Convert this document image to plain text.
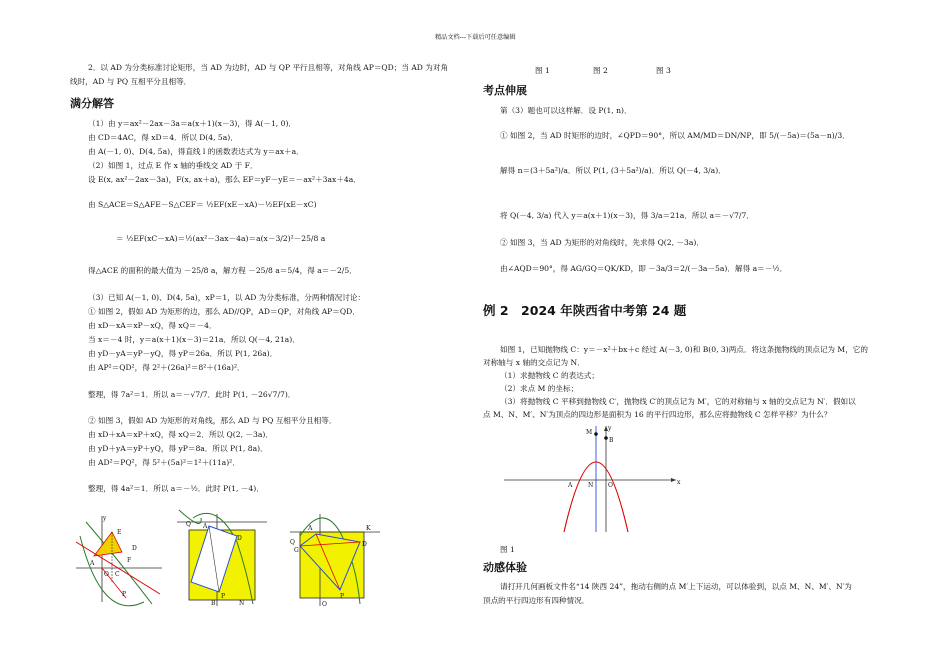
精品文档---下载后可任意编辑
2．以 AD 为分类标准讨论矩形，当 AD 为边时，AD 与 QP 平行且相等，对角线 AP＝QD；当 AD 为对角
线时，AD 与 PQ 互相平分且相等．
满分解答
（1）由 y＝ax²－2ax－3a＝a(x＋1)(x－3)，得 A(－1, 0)．
由 CD＝4AC，得 xD＝4．所以 D(4, 5a)．
由 A(－1, 0)、D(4, 5a)，得直线 l 的函数表达式为 y＝ax＋a．
（2）如图 1，过点 E 作 x 轴的垂线交 AD 于 F．
设 E(x, ax²－2ax－3a)，F(x, ax＋a)，那么 EF＝yF－yE＝－ax²＋3ax＋4a．
由 S△ACE＝S△AFE－S△CEF＝ ½EF(xE－xA)－½EF(xE－xC)
＝ ½EF(xC－xA)＝½(ax²－3ax－4a)＝a(x－3/2)²－25/8 a
得△ACE 的面积的最大值为 －25/8 a，解方程 －25/8 a＝5/4，得 a＝－2/5．
（3）已知 A(－1, 0)、D(4, 5a)，xP＝1，以 AD 为分类标准，分两种情况讨论：
① 如图 2，假如 AD 为矩形的边，那么 AD//QP，AD＝QP，对角线 AP＝QD．
由 xD－xA＝xP－xQ，得 xQ＝－4．
当 x＝－4 时，y＝a(x＋1)(x－3)＝21a．所以 Q(－4, 21a)．
由 yD－yA＝yP－yQ，得 yP＝26a．所以 P(1, 26a)．
由 AP²＝QD²，得 2²＋(26a)²＝8²＋(16a)²．
整理，得 7a²＝1．所以 a＝－√7/7．此时 P(1, －26√7/7)．
② 如图 3，假如 AD 为矩形的对角线，那么 AD 与 PQ 互相平分且相等．
由 xD＋xA＝xP＋xQ，得 xQ＝2．所以 Q(2, －3a)．
由 yD＋yA＝yP＋yQ，得 yP＝8a．所以 P(1, 8a)．
由 AD²＝PQ²，得 5²＋(5a)²＝1²＋(11a)²．
整理，得 4a²＝1．所以 a＝－½．此时 P(1, －4)．
E
D
F
A
C
O
P
y
Q A
D
B	N
P
Q
A	K
D
G
P
O
图 1	图 2	图 3
考点伸展
第（3）题也可以这样解．设 P(1, n)．
① 如图 2，当 AD 时矩形的边时，∠QPD＝90°，所以 AM/MD＝DN/NP，即 5/(－5a)＝(5a－n)/3．
解得 n＝(3＋5a²)/a．所以 P(1, (3＋5a²)/a)．所以 Q(－4, 3/a)．
将 Q(－4, 3/a) 代入 y＝a(x＋1)(x－3)，得 3/a＝21a．所以 a＝－√7/7．
② 如图 3，当 AD 为矩形的对角线时，先求得 Q(2, －3a)．
由∠AQD＝90°，得 AG/GQ＝QK/KD，即 －3a/3＝2/(－3a－5a)．解得 a＝－½．
例 2　2024 年陕西省中考第 24 题
如图 1，已知抛物线 C：y＝－x²＋bx＋c 经过 A(－3, 0)和 B(0, 3)两点．将这条抛物线的顶点记为 M，它的
对称轴与 x 轴的交点记为 N．
（1）求抛物线 C 的表达式；
（2）求点 M 的坐标；
（3）将抛物线 C 平移到抛物线 C′，抛物线 C′的顶点记为 M′，它的对称轴与 x 轴的交点记为 N′．假如以
点 M、N、M′、N′为顶点的四边形是面积为 16 的平行四边形，那么应将抛物线 C 怎样平移？为什么？
M
B
y
x
A	N O
图 1
动感体验
请打开几何画板文件名“14 陕西 24”，拖动右侧的点 M′上下运动，可以体验到，以点 M、N、M′、N′为
顶点的平行四边形有四种情况．
